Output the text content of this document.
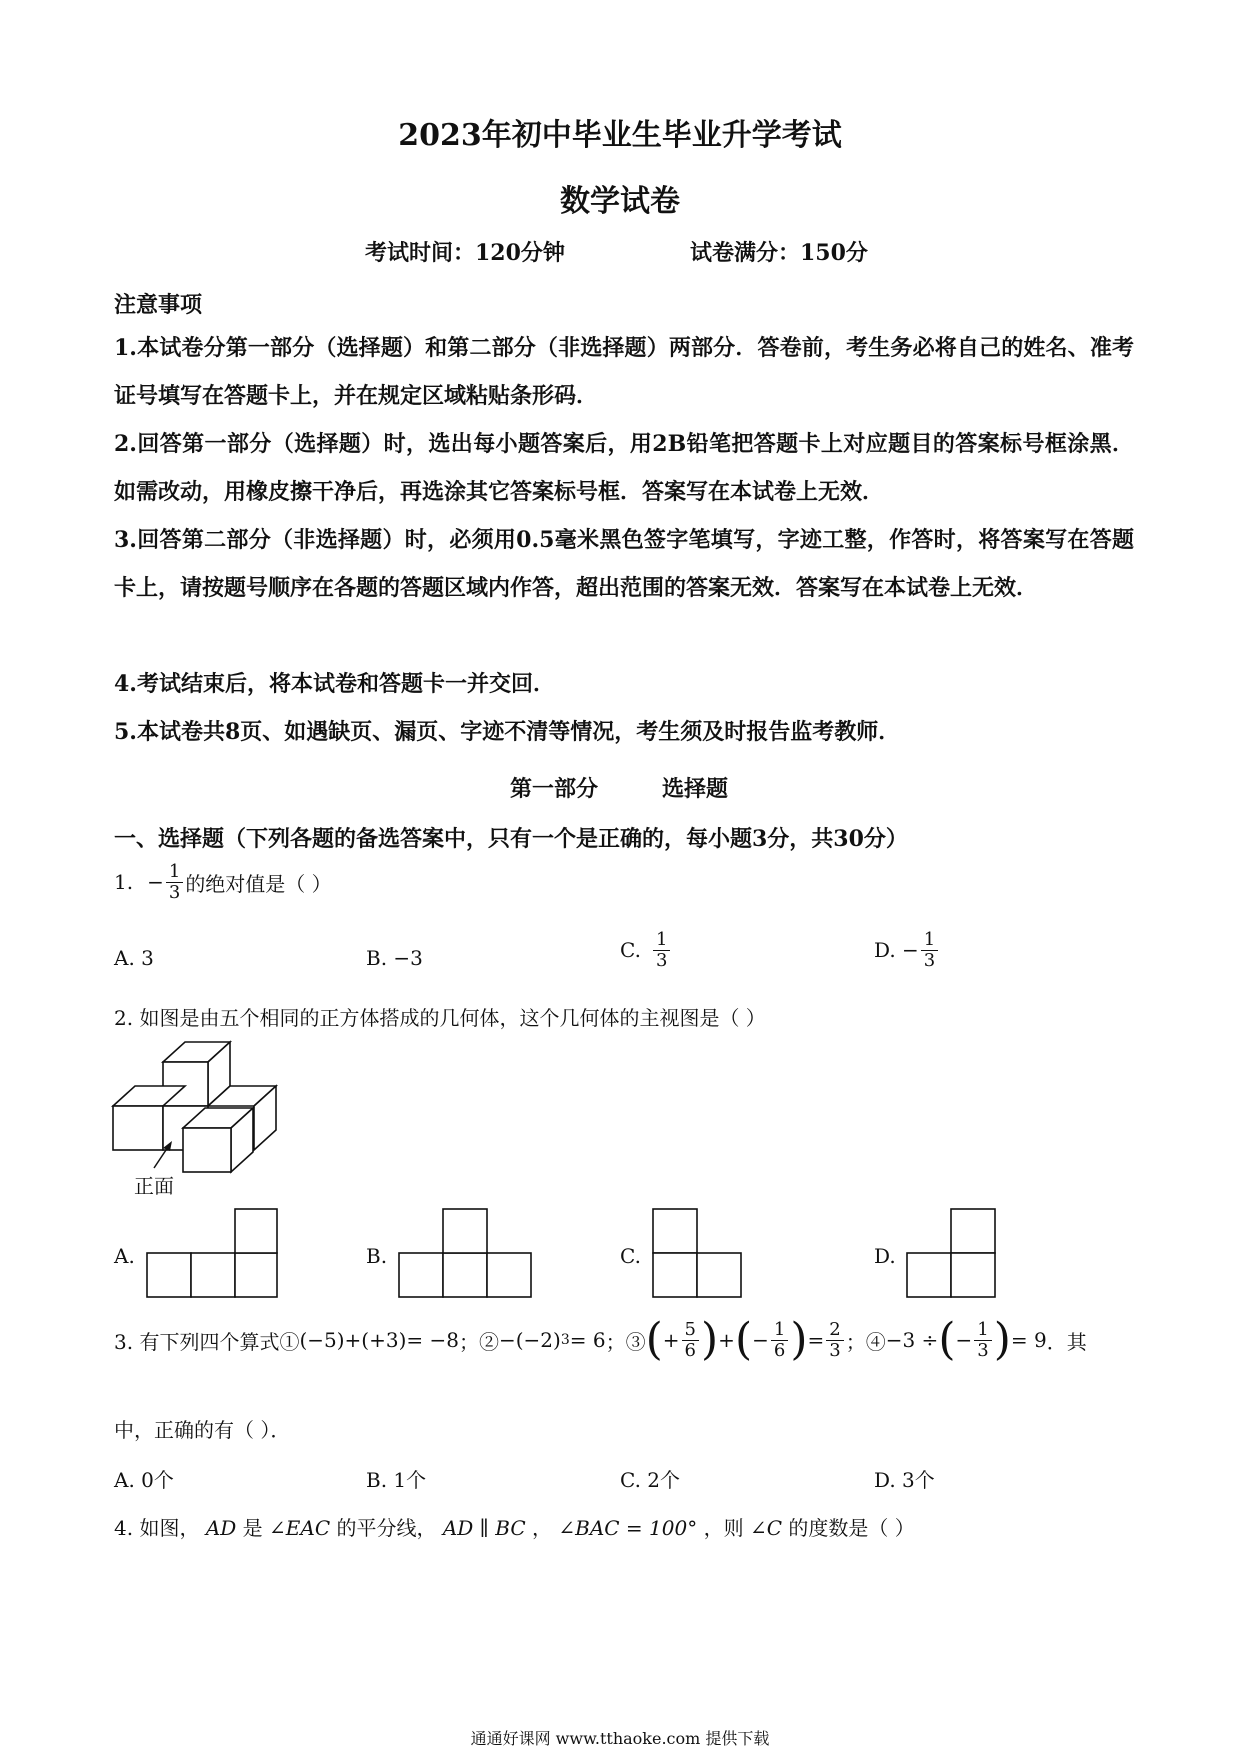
2023年初中毕业生毕业升学考试
数学试卷
考试时间：120分钟	试卷满分：150分
注意事项
1.本试卷分第一部分（选择题）和第二部分（非选择题）两部分．答卷前，考生务必将自己的姓名、准考证号填写在答题卡上，并在规定区域粘贴条形码．
2.回答第一部分（选择题）时，选出每小题答案后，用2B铅笔把答题卡上对应题目的答案标号框涂黑．如需改动，用橡皮擦干净后，再选涂其它答案标号框．答案写在本试卷上无效．
3.回答第二部分（非选择题）时，必须用0.5毫米黑色签字笔填写，字迹工整，作答时，将答案写在答题卡上，请按题号顺序在各题的答题区域内作答，超出范围的答案无效．答案写在本试卷上无效．
4.考试结束后，将本试卷和答题卡一并交回．
5.本试卷共8页、如遇缺页、漏页、字迹不清等情况，考生须及时报告监考教师．
第一部分	选择题
一、选择题（下列各题的备选答案中，只有一个是正确的，每小题3分，共30分）
1. − $\frac{1}{3}$ 的绝对值是（ ）
A. 3	B. −3	C. $\frac{1}{3}$	D. − $\frac{1}{3}$
2. 如图是由五个相同的正方体搭成的几何体，这个几何体的主视图是（ ）
正面
A.	B.	C.	D.
3. 有下列四个算式① (−5)+(+3)= −8 ；② −(−2) 3 = 6 ；③ ( + $\frac{5}{6}$ ) + ( − $\frac{1}{6}$ ) = $\frac{2}{3}$ ；④ −3 ÷ ( − $\frac{1}{3}$ ) = 9 ．其
中，正确的有（ ）．
A. 0个	B. 1个	C. 2个	D. 3个
4. 如图， AD 是 ∠EAC 的平分线， AD ∥ BC ， ∠BAC = 100° ，则 ∠C 的度数是（ ）
通通好课网 www.tthaoke.com 提供下载
